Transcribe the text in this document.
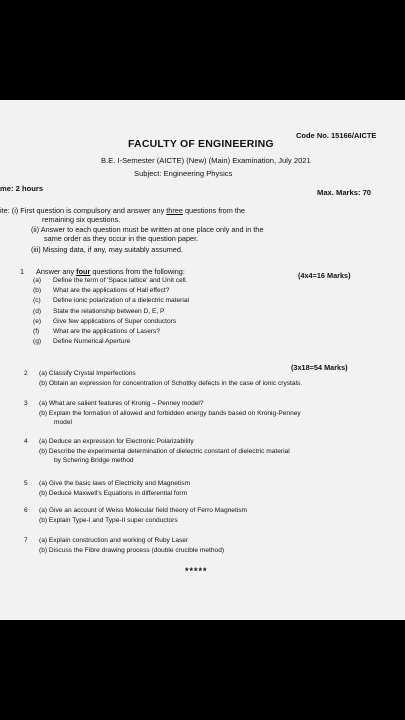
FACULTY OF ENGINEERING
Code No. 15166/AICTE
B.E. I-Semester (AICTE) (New) (Main) Examination, July 2021
Subject: Engineering Physics
me: 2 hours	Max. Marks: 70
ite: (i) First question is compulsory and answer any three questions from the
remaining six questions.
(ii) Answer to each question must be written at one place only and in the
same order as they occur in the question paper.
(iii) Missing data, if any, may suitably assumed.
1 Answer any four questions from the following:	(4x4=16 Marks)
(a) Define the term of 'Space lattice' and Unit cell.
(b) What are the applications of Hall effect?
(c) Define ionic polarization of a dielectric material
(d) State the relationship between D, E, P
(e) Give few applications of Super conductors
(f) What are the applications of Lasers?
(g) Define Numerical Aperture
(3x18=54 Marks)
2 (a) Classify Crystal Imperfections
(b) Obtain an expression for concentration of Schottky defects in the case of ionic crystals.
3 (a) What are salient features of Kronig – Penney model?
(b) Explain the formation of allowed and forbidden energy bands based on Kronig-Penney
model
4 (a) Deduce an expression for Electronic Polarizability
(b) Describe the experimental determination of dielectric constant of dielectric material
by Schering Bridge method
5 (a) Give the basic laws of Electricity and Magnetism
(b) Deduce Maxwell's Equations in differential form
6 (a) Give an account of Weiss Molecular field theory of Ferro Magnetism
(b) Explain Type-I and Type-II super conductors
7 (a) Explain construction and working of Ruby Laser
(b) Discuss the Fibre drawing process (double crucible method)
*****
